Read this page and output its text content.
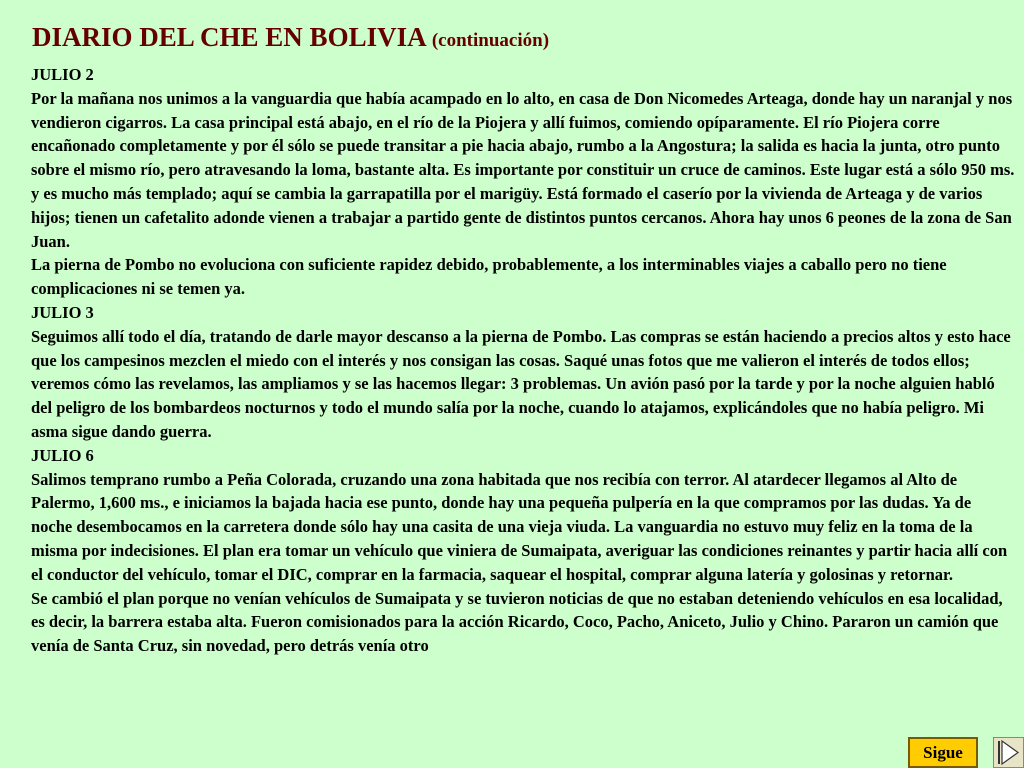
DIARIO DEL CHE EN BOLIVIA (continuación)

JULIO 2

Por la mañana nos unimos a la vanguardia que había acampado en lo alto, en casa de Don Nicomedes Arteaga, donde hay un naranjal y nos vendieron cigarros. La casa principal está abajo, en el río de la Piojera y allí fuimos, comiendo opíparamente. El río Piojera corre encañonado completamente y por él sólo se puede transitar a pie hacia abajo, rumbo a la Angostura; la salida es hacia la junta, otro punto sobre el mismo río, pero atravesando la loma, bastante alta. Es importante por constituir un cruce de caminos. Este lugar está a sólo 950 ms. y es mucho más templado; aquí se cambia la garrapatilla por el marigüy. Está formado el caserío por la vivienda de Arteaga y de varios hijos; tienen un cafetalito adonde vienen a trabajar a partido gente de distintos puntos cercanos. Ahora hay unos 6 peones de la zona de San Juan.

La pierna de Pombo no evoluciona con suficiente rapidez debido, probablemente, a los interminables viajes a caballo pero no tiene complicaciones ni se temen ya.

JULIO 3

Seguimos allí todo el día, tratando de darle mayor descanso a la pierna de Pombo. Las compras se están haciendo a precios altos y esto hace que los campesinos mezclen el miedo con el interés y nos consigan las cosas. Saqué unas fotos que me valieron el interés de todos ellos; veremos cómo las revelamos, las ampliamos y se las hacemos llegar: 3 problemas. Un avión pasó por la tarde y por la noche alguien habló del peligro de los bombardeos nocturnos y todo el mundo salía por la noche, cuando lo atajamos, explicándoles que no había peligro. Mi asma sigue dando guerra.

JULIO 6

Salimos temprano rumbo a Peña Colorada, cruzando una zona habitada que nos recibía con terror. Al atardecer llegamos al Alto de Palermo, 1,600 ms., e iniciamos la bajada hacia ese punto, donde hay una pequeña pulpería en la que compramos por las dudas. Ya de noche desembocamos en la carretera donde sólo hay una casita de una vieja viuda. La vanguardia no estuvo muy feliz en la toma de la misma por indecisiones. El plan era tomar un vehículo que viniera de Sumaipata, averiguar las condiciones reinantes y partir hacia allí con el conductor del vehículo, tomar el DIC, comprar en la farmacia, saquear el hospital, comprar alguna latería y golosinas y retornar.

Se cambió el plan porque no venían vehículos de Sumaipata y se tuvieron noticias de que no estaban deteniendo vehículos en esa localidad, es decir, la barrera estaba alta. Fueron comisionados para la acción Ricardo, Coco, Pacho, Aniceto, Julio y Chino. Pararon un camión que venía de Santa Cruz, sin novedad, pero detrás venía otro

Sigue
